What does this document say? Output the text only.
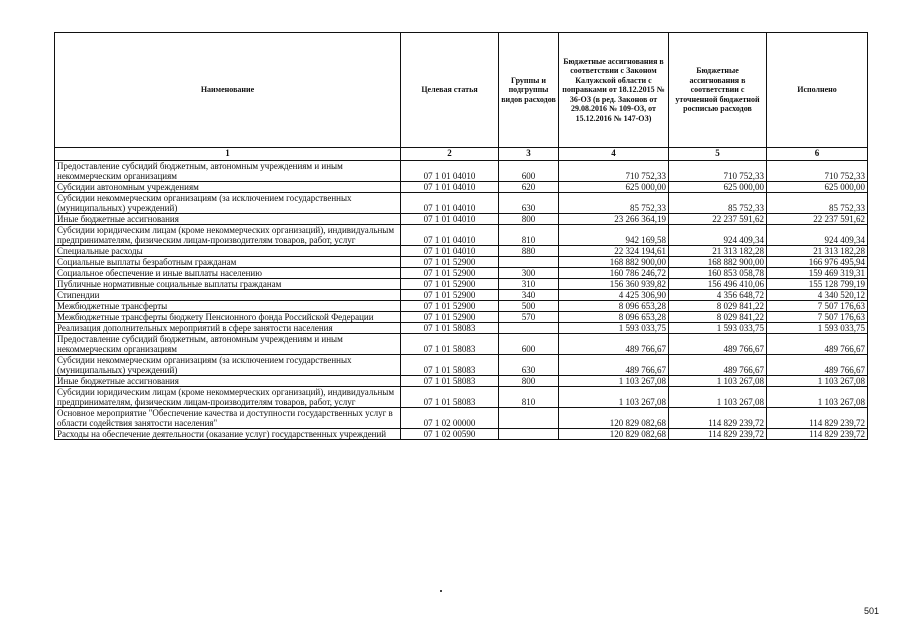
Наименование	Целевая статья	Группы и подгруппы видов расходов	Бюджетные ассигнования в соответствии с Законом Калужской области с поправками от 18.12.2015 № 36-ОЗ (в ред. Законов от 29.08.2016 № 109-ОЗ, от 15.12.2016 № 147-ОЗ)	Бюджетные ассигнования в соответствии с уточненной бюджетной росписью расходов	Исполнено
1	2	3	4	5	6
Предоставление субсидий бюджетным, автономным учреждениям и иным некоммерческим организациям	07 1 01 04010	600	710 752,33	710 752,33	710 752,33
Субсидии автономным учреждениям	07 1 01 04010	620	625 000,00	625 000,00	625 000,00
Субсидии некоммерческим организациям (за исключением государственных (муниципальных) учреждений)	07 1 01 04010	630	85 752,33	85 752,33	85 752,33
Иные бюджетные ассигнования	07 1 01 04010	800	23 266 364,19	22 237 591,62	22 237 591,62
Субсидии юридическим лицам (кроме некоммерческих организаций), индивидуальным предпринимателям, физическим лицам-производителям товаров, работ, услуг	07 1 01 04010	810	942 169,58	924 409,34	924 409,34
Специальные расходы	07 1 01 04010	880	22 324 194,61	21 313 182,28	21 313 182,28
Социальные выплаты безработным гражданам	07 1 01 52900		168 882 900,00	168 882 900,00	166 976 495,94
Социальное обеспечение и иные выплаты населению	07 1 01 52900	300	160 786 246,72	160 853 058,78	159 469 319,31
Публичные нормативные социальные выплаты гражданам	07 1 01 52900	310	156 360 939,82	156 496 410,06	155 128 799,19
Стипендии	07 1 01 52900	340	4 425 306,90	4 356 648,72	4 340 520,12
Межбюджетные трансферты	07 1 01 52900	500	8 096 653,28	8 029 841,22	7 507 176,63
Межбюджетные трансферты бюджету Пенсионного фонда Российской Федерации	07 1 01 52900	570	8 096 653,28	8 029 841,22	7 507 176,63
Реализация дополнительных мероприятий в сфере занятости населения	07 1 01 58083		1 593 033,75	1 593 033,75	1 593 033,75
Предоставление субсидий бюджетным, автономным учреждениям и иным некоммерческим организациям	07 1 01 58083	600	489 766,67	489 766,67	489 766,67
Субсидии некоммерческим организациям (за исключением государственных (муниципальных) учреждений)	07 1 01 58083	630	489 766,67	489 766,67	489 766,67
Иные бюджетные ассигнования	07 1 01 58083	800	1 103 267,08	1 103 267,08	1 103 267,08
Субсидии юридическим лицам (кроме некоммерческих организаций), индивидуальным предпринимателям, физическим лицам-производителям товаров, работ, услуг	07 1 01 58083	810	1 103 267,08	1 103 267,08	1 103 267,08
Основное мероприятие "Обеспечение качества и доступности государственных услуг в области содействия занятости населения"	07 1 02 00000		120 829 082,68	114 829 239,72	114 829 239,72
Расходы на обеспечение деятельности (оказание услуг) государственных учреждений	07 1 02 00590		120 829 082,68	114 829 239,72	114 829 239,72
501
